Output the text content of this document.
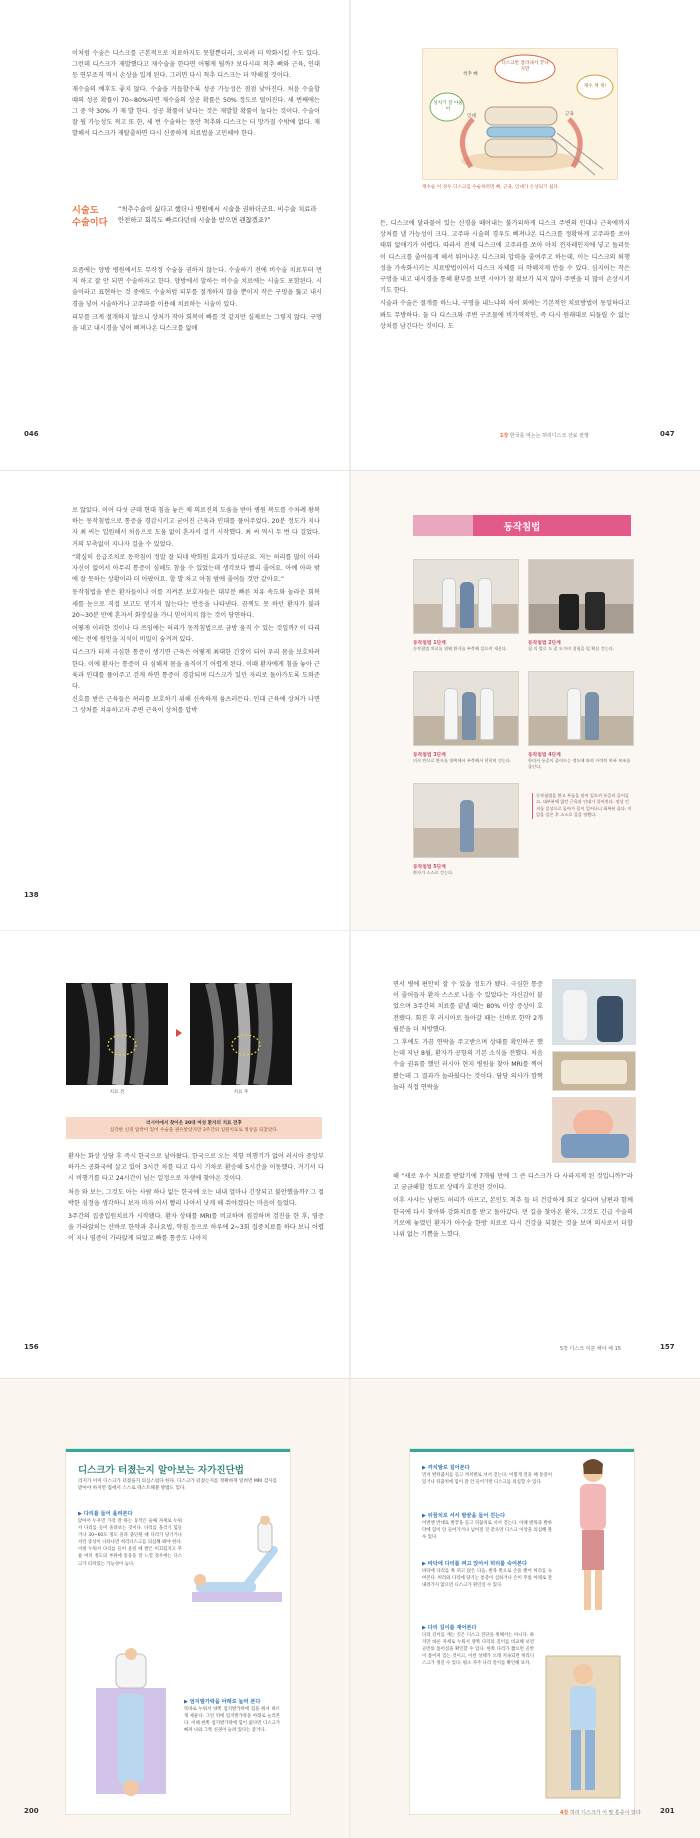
이처럼 수술은 디스크를 근본적으로 치료하지도 못할뿐더러, 오히려 더 악화시킬 수도 있다. 그런데 디스크가 재발했다고 재수술을 한다면 어떻게 될까? 보다시피 척추 뼈와 근육, 인대 등 연부조직 역시 손상을 입게 된다. 그러면 다시 척추 디스크는 더 약해질 것이다.

재수술의 예후도 좋지 않다. 수술을 거듭할수록 성공 가능성은 점점 낮아진다. 처음 수술할 때의 성공 확률이 70~80%라면 재수술의 성공 확률은 50% 정도로 떨어진다. 세 번째에는 그 중 약 30% 가 재 발 한다. 성공 확률이 낮다는 것은 재발할 확률이 높다는 것이다. 수술이 잘 될 가능성도 적고 또 한, 세 번 수술하는 동안 척추와 디스크는 더 망가질 수밖에 없다. 재발해서 디스크가 재탈출하면 다시 신중하게 치료법을 고민해야 한다.

시술도
수술이다
“척추수술이 싫다고 했더니 병원에서 시술을 권하더군요. 비수술 치료라 안전하고 회복도 빠르다던데 시술을 받으면 괜찮겠죠?”

요즘에는 양방 병원에서도 무작정 수술을 권하지 않는다. 수술하기 전에 비수술 치료부터 먼저 하고 잘 안 되면 수술하자고 한다. 양방에서 말하는 비수술 치료에는 시술도 포함된다. 시술이라고 표현하는 것 중에도 수술처럼 피부를 절개하지 않을 뿐이지 작은 구멍을 뚫고 내시경을 넣어 시술하거나 고주파를 이용해 치료하는 시술이 있다.

피부를 크게 절개하지 않으니 상처가 작아 회복이 빠를 것 같지만 실제로는 그렇지 않다. 구멍을 내고 내시경을 넣어 삐져나온 디스크를 없애

척추 뼈
상처가 잘 아물어
디스크만 잘라내서 끝나지만
재수 재 재!
인대	근육
재수술 이 경우 디스크를 수술하려면 뼈, 근육, 인대가 손상되기 쉽다.

든, 디스크에 달라붙어 있는 신경을 떼어내는 불가피하게 디스크 주변의 인대나 근육에까지 상처를 낼 가능성이 크다. 고주파 시술의 경우도 삐져나온 디스크를 정확하게 고주파를 쏘아 태워 없애기가 어렵다. 따라서 전체 디스크에 고주파를 쏘아 마치 전자레인지에 넣고 돌리듯이 디스크를 줄어들게 해서 튀어나온 디스크의 압력을 줄여주고 하는데, 이는 디스크의 퇴행성을 가속화시키는 치료방법이어서 디스크 자체를 더 약해지게 만들 수 있다. 심지어는 작은 구멍을 내고 내시경을 통해 환부를 보면 시야가 잘 확보가 되지 않아 주변을 더 많이 손상시키기도 한다.

시술과 수술은 절개를 하느냐, 구멍을 내느냐의 차이 외에는 기본적인 치료방법이 동일하다고 봐도 무방하다. 둘 다 디스크와 주변 구조물에 비가역적인, 즉 다시 원래대로 되돌릴 수 없는 상처를 남긴다는 것이다. 도

046	1장 한국를 막는는 허리디스크 진료 전쟁	047

로 않았다. 이어 다섯 군데 현대 침을 놓은 채 의료진의 도움을 받아 병원 복도를 수차례 왕복하는 동작침법으로 통증을 경감시키고 굳어진 근육과 인대를 풀어주었다. 20분 정도가 지나자 최 씨는 입원해서 처음으로 도움 없이 혼자서 걸기 시작했다. 최 씨 역시 두 번 다 걸었다. 거의 부축없이 지나자 걸을 수 있었다.

“확실히 응급조치로 동작침이 정말 잘 되네 박희원 효과가 있더군요. 저는 허리를 많이 아파 자신이 없어서 아무리 통증이 심해도 참을 수 있었는데 생각보다 빨리 줄어요. 아예 아파 밖에 잘 못하는 상황이라 더 아팠어요. 할 발 차고 아침 밤에 줄어들 것만 같아요.”

동작침법을 받은 환자들이나 이를 지켜본 보호자들은 대부분 빠른 치유 속도와 놀라운 회복세를 눈으로 직접 보고도 믿기지 않는다는 반응을 나타낸다. 끔찍도 못 하던 환자가 불과 20~30분 만에 혼자서 화장실을 가니 믿어지지 않는 것이 당연하다.

어떻게 이러한 것이나 다 쓰임에는 허리가 동작침법으로 금방 움직 수 있는 것일까? 이 다리에는 전에 원인을 지식이 비밀이 숨겨져 있다.

디스크가 터져 극심한 통증이 생기면 근육은 어떻게 최대한 긴장이 되어 우리 몸을 보호하려 한다. 이에 환자는 통증이 더 심해져 몸을 움직이기 어렵게 된다. 이때 환자에게 침을 놓아 근육과 인대를 풀어주고 걷게 하면 통증이 경감되며 디스크가 있던 자리로 돌아가도록 도와준다.

신호를 받은 근육들은 허리를 보호하기 위해 신속하게 움츠러든다. 인대 근육에 상처가 나면 그 상처를 치유하고자 주변 근육이 상처를 압박

138
동작침법
동작침법 1단계
동작침법 치료를 위해 환자를 부축해 일으켜 세운다.
동작침법 2단계
침 의 발로 도 잘 도가며 경험을 밀 확실 걷는다.
동작침법 3단계
의사 만으로 환자를 양쪽에서 부축해서 천천히 걷는다.
동작침법 4단계
한의사 통증이 줄어드는 정도에 따라 시야의 보폭 보조를 줄인다.
동작침법 5단계
환자가 스스로 걷는다.
동작침법을 받고 무릎을 딛어 일으켜 통증의 줄어들고, 대부분에 없던 근육과 인대가 풀어진다. 정상 인지를 일상으로 돌아가 몸이 일어나니 회복된 줄다. 이 일을 일은 후 스스로 걸을 정했다.
치료 전	치료 후
러시아에서 찾아온 30대 여성 환자의 치료 전후
심각한 신경 압박이 있어 수술을 권유받았지만 3주간의 입원치료로 정상을 되찾았다.

환자는 화상 상담 후 즉시 한국으로 날아왔다. 한국으로 오는 직항 비행기가 없어 러시아 중앙부 하카스 공화국에 살고 있어 3시간 차를 타고 다시 기차로 환승해 5시간을 이동했다. 거기서 다시 비행기를 타고 24시간이 넘는 일정으로 자생에 찾아온 것이다.

처음 와 보는, 그것도 아는 사람 하나 없는 한국에 오는 내내 얼마나 긴장되고 불안했을까? 그 절박한 심정을 생각하니 보자 마자 어서 빨리 나아서 낫게 해 줘야겠다는 마음이 들었다.

3주간의 집중입원치료가 시작됐다. 환자 상태를 MRI를 비교하며 점검하며 검진을 한 후, 염증을 가라앉히는 산바로 한약과 추나요법, 약침 등으로 하루에 2~3회 집중치료를 하다 보니 어렵이 지나 염증이 가라앉게 되었고 빠를 통증도 나아지

면서 병에 편안히 잘 수 있을 정도가 됐다. 극심한 통증이 줄어들자 환자 스스로 나올 수 있었다는 자신감이 붙었으며 3주간의 치료를 끝낼 때는 80% 이상 증상이 호전됐다. 회진 후 러시아로 돌아갈 때는 신바로 한약 2개월분을 더 처방했다.

그 후에도 가끔 연락을 주고받으며 상태를 확인하곤 했는데 지난 8월, 환자가 공항의 기본 소식을 전했다. 처음 수술 권유를 했던 러시아 현지 병원을 찾아 MRI를 찍어봤는데 그 결과가 놀라웠다는 것이다. 담당 의사가 깜짝 놀라 직접 연락을

해 “새로 우수 치료를 받았기에 7개월 만에 그 큰 디스크가 다 사라지게 된 것입니까?”라고 궁금해할 정도로 상태가 호전된 것이다.

이후 사샤는 남편도 허리가 아프고, 본인도 척추 들 더 건강하게 회고 싶다며 남편과 함께 한국에 다시 찾아와 강화치료를 받고 돌아갔다. 먼 길을 찾아온 환자, 그것도 긴급 수술의 기로에 놓였던 환자가 아수술 한방 치료로 다시 건강을 되찾은 것을 보며 의사로서 더할 나위 없는 기쁨을 느꼈다.

156	5장 디스크 덕분 해야 해 15	157
디스크가 터졌는지 알아보는 자가진단법
리지가 이미 디스크가 터졌을지 의심스럽다 한다. 디스크가 터졌는지를 정확하게 알려면 MRI 검사를 받아야 하지만 집에서 스스로 테스트해볼 방법도 있다.
▶ 다리를 들어 올려본다
앉아서 누우면 가장 잘 하는 동작은 둘째 자세로 누워서 다리를 들어 올려보는 것이다. 다리를 올리기 힘들거나 30~60도 정도 올라 중단될 때 다리가 당기거나 저린 증상이 나타나면 허리디스크를 의심해 봐야 한다. 이럴 누워서 다리를 들어 올릴 때 발은 미끄럽지고 무릎 여러 정도의 부위에 통증을 잘 느낄 경우에는 디스크가 터져있는 가능성이 높다.
▶ 엄지발가락을 아래로 눌러 본다
똑바로 누워서 양쪽 엄지발가락에 힘을 줘서 바르게 세운다. 그런 뒤에 엄지발가락을 아래로 눌러본다. 이때 한쪽 엄지발가락에 힘이 없다면 디스크가 빠져 나와 그쪽 신경이 눌려 있다는 증거다.
▶ 까치발로 걸어본다
먼저 발뒤꿈치를 들고 까치발로 서서 걷는다. 이렇게 걸을 때 통증이 있거나 뒤꿈치에 힘이 잘 안 들어가면 디스크를 의심할 수 있다.
▶ 뒤꿈치로 서서 발끝을 들어 걷는다
이번엔 반대로 발끝을 들고 뒤꿈치로 서서 걷는다. 이때 발목과 발바닥에 힘이 안 들어가거나 넘어질 것 같으면 디스크 이상을 의심해 볼 수 있다.
▶ 바닥에 다리를 펴고 앉아서 허리를 숙여본다
바닥에 다리를 쭉 펴고 앉은 다음, 발목 쪽으로 손을 뻗어 허리를 숙여본다. 허리와 다리에 당기는 통증이 심하거나 손이 무릎 아래로 잘 내려가지 않으면 디스크가 원인일 수 있다.
▶ 다리 길이를 재어본다
다리 길이를 재는 것은 디스크 진단을 위해서는 아니다. 하지만 바른 자세로 누워서 양쪽 다리의 길이를 비교해 보면 골반의 틀어짐을 확인할 수 있다. 한쪽 다리가 짧으면 골반이 틀어져 있는 것이고, 이런 상태가 오래 지속되면 허리디스크가 생길 수 있다. 평소 자주 다리 길이를 확인해 보자.
200	4장 허리 디스크가 이 말 통증이 있다	201
